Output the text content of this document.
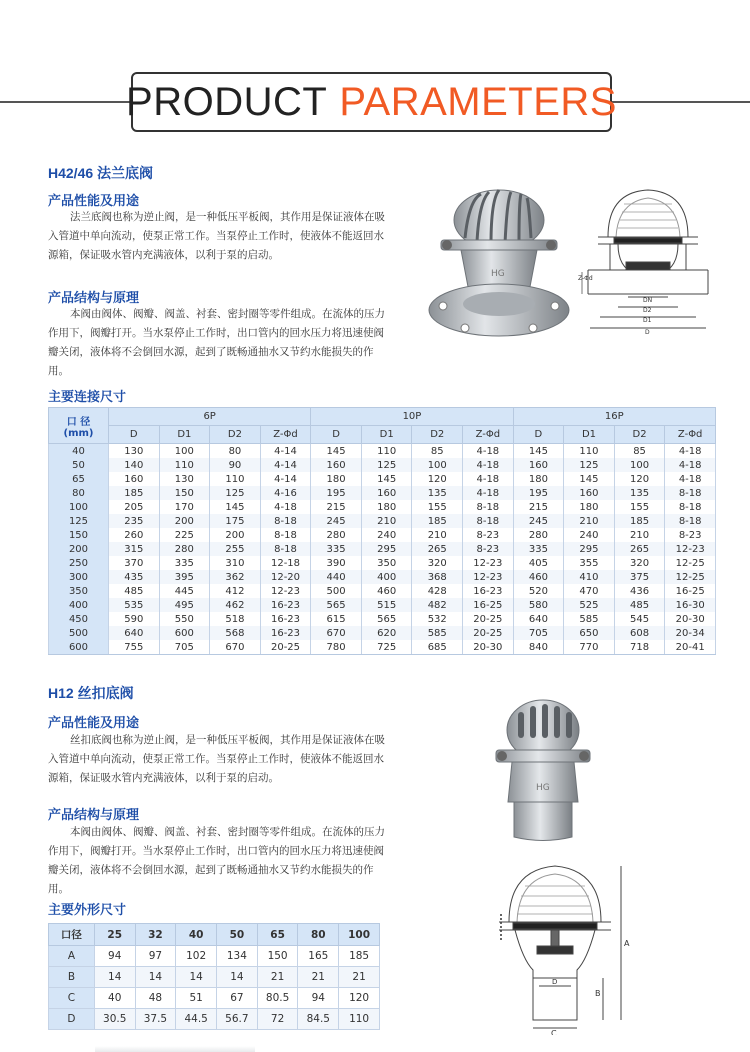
PRODUCT PARAMETERS
H42/46 法兰底阀
产品性能及用途
法兰底阀也称为逆止阀，是一种低压平板阀，其作用是保证液体在吸入管道中单向流动，使泵正常工作。当泵停止工作时，使液体不能返回水源箱，保证吸水管内充满液体，以利于泵的启动。
产品结构与原理
本阀由阀体、阀瓣、阀盖、衬套、密封圈等零件组成。在流体的压力作用下，阀瓣打开。当水泵停止工作时，出口管内的回水压力将迅速使阀瓣关闭，液体将不会倒回水源，起到了既畅通抽水又节约水能损失的作用。
HG	Z-Φd
DN
D2
D1
D
主要连接尺寸
口 径
(mm)	6P				10P				16P			
	D	D1	D2	Z-Φd	D	D1	D2	Z-Φd	D	D1	D2	Z-Φd
40	130	100	80	4-14	145	110	85	4-18	145	110	85	4-18
50	140	110	90	4-14	160	125	100	4-18	160	125	100	4-18
65	160	130	110	4-14	180	145	120	4-18	180	145	120	4-18
80	185	150	125	4-16	195	160	135	4-18	195	160	135	8-18
100	205	170	145	4-18	215	180	155	8-18	215	180	155	8-18
125	235	200	175	8-18	245	210	185	8-18	245	210	185	8-18
150	260	225	200	8-18	280	240	210	8-23	280	240	210	8-23
200	315	280	255	8-18	335	295	265	8-23	335	295	265	12-23
250	370	335	310	12-18	390	350	320	12-23	405	355	320	12-25
300	435	395	362	12-20	440	400	368	12-23	460	410	375	12-25
350	485	445	412	12-23	500	460	428	16-23	520	470	436	16-25
400	535	495	462	16-23	565	515	482	16-25	580	525	485	16-30
450	590	550	518	16-23	615	565	532	20-25	640	585	545	20-30
500	640	600	568	16-23	670	620	585	20-25	705	650	608	20-34
600	755	705	670	20-25	780	725	685	20-30	840	770	718	20-41
H12 丝扣底阀
产品性能及用途
丝扣底阀也称为逆止阀，是一种低压平板阀，其作用是保证液体在吸入管道中单向流动，使泵正常工作。当泵停止工作时，使液体不能返回水源箱，保证吸水管内充满液体，以利于泵的启动。
产品结构与原理
本阀由阀体、阀瓣、阀盖、衬套、密封圈等零件组成。在流体的压力作用下，阀瓣打开。当水泵停止工作时，出口管内的回水压力将迅速使阀瓣关闭，液体将不会倒回水源，起到了既畅通抽水又节约水能损失的作用。
HG
A
B
C
D
主要外形尺寸
口径	25	32	40	50	65	80	100
A	94	97	102	134	150	165	185
B	14	14	14	14	21	21	21
C	40	48	51	67	80.5	94	120
D	30.5	37.5	44.5	56.7	72	84.5	110
